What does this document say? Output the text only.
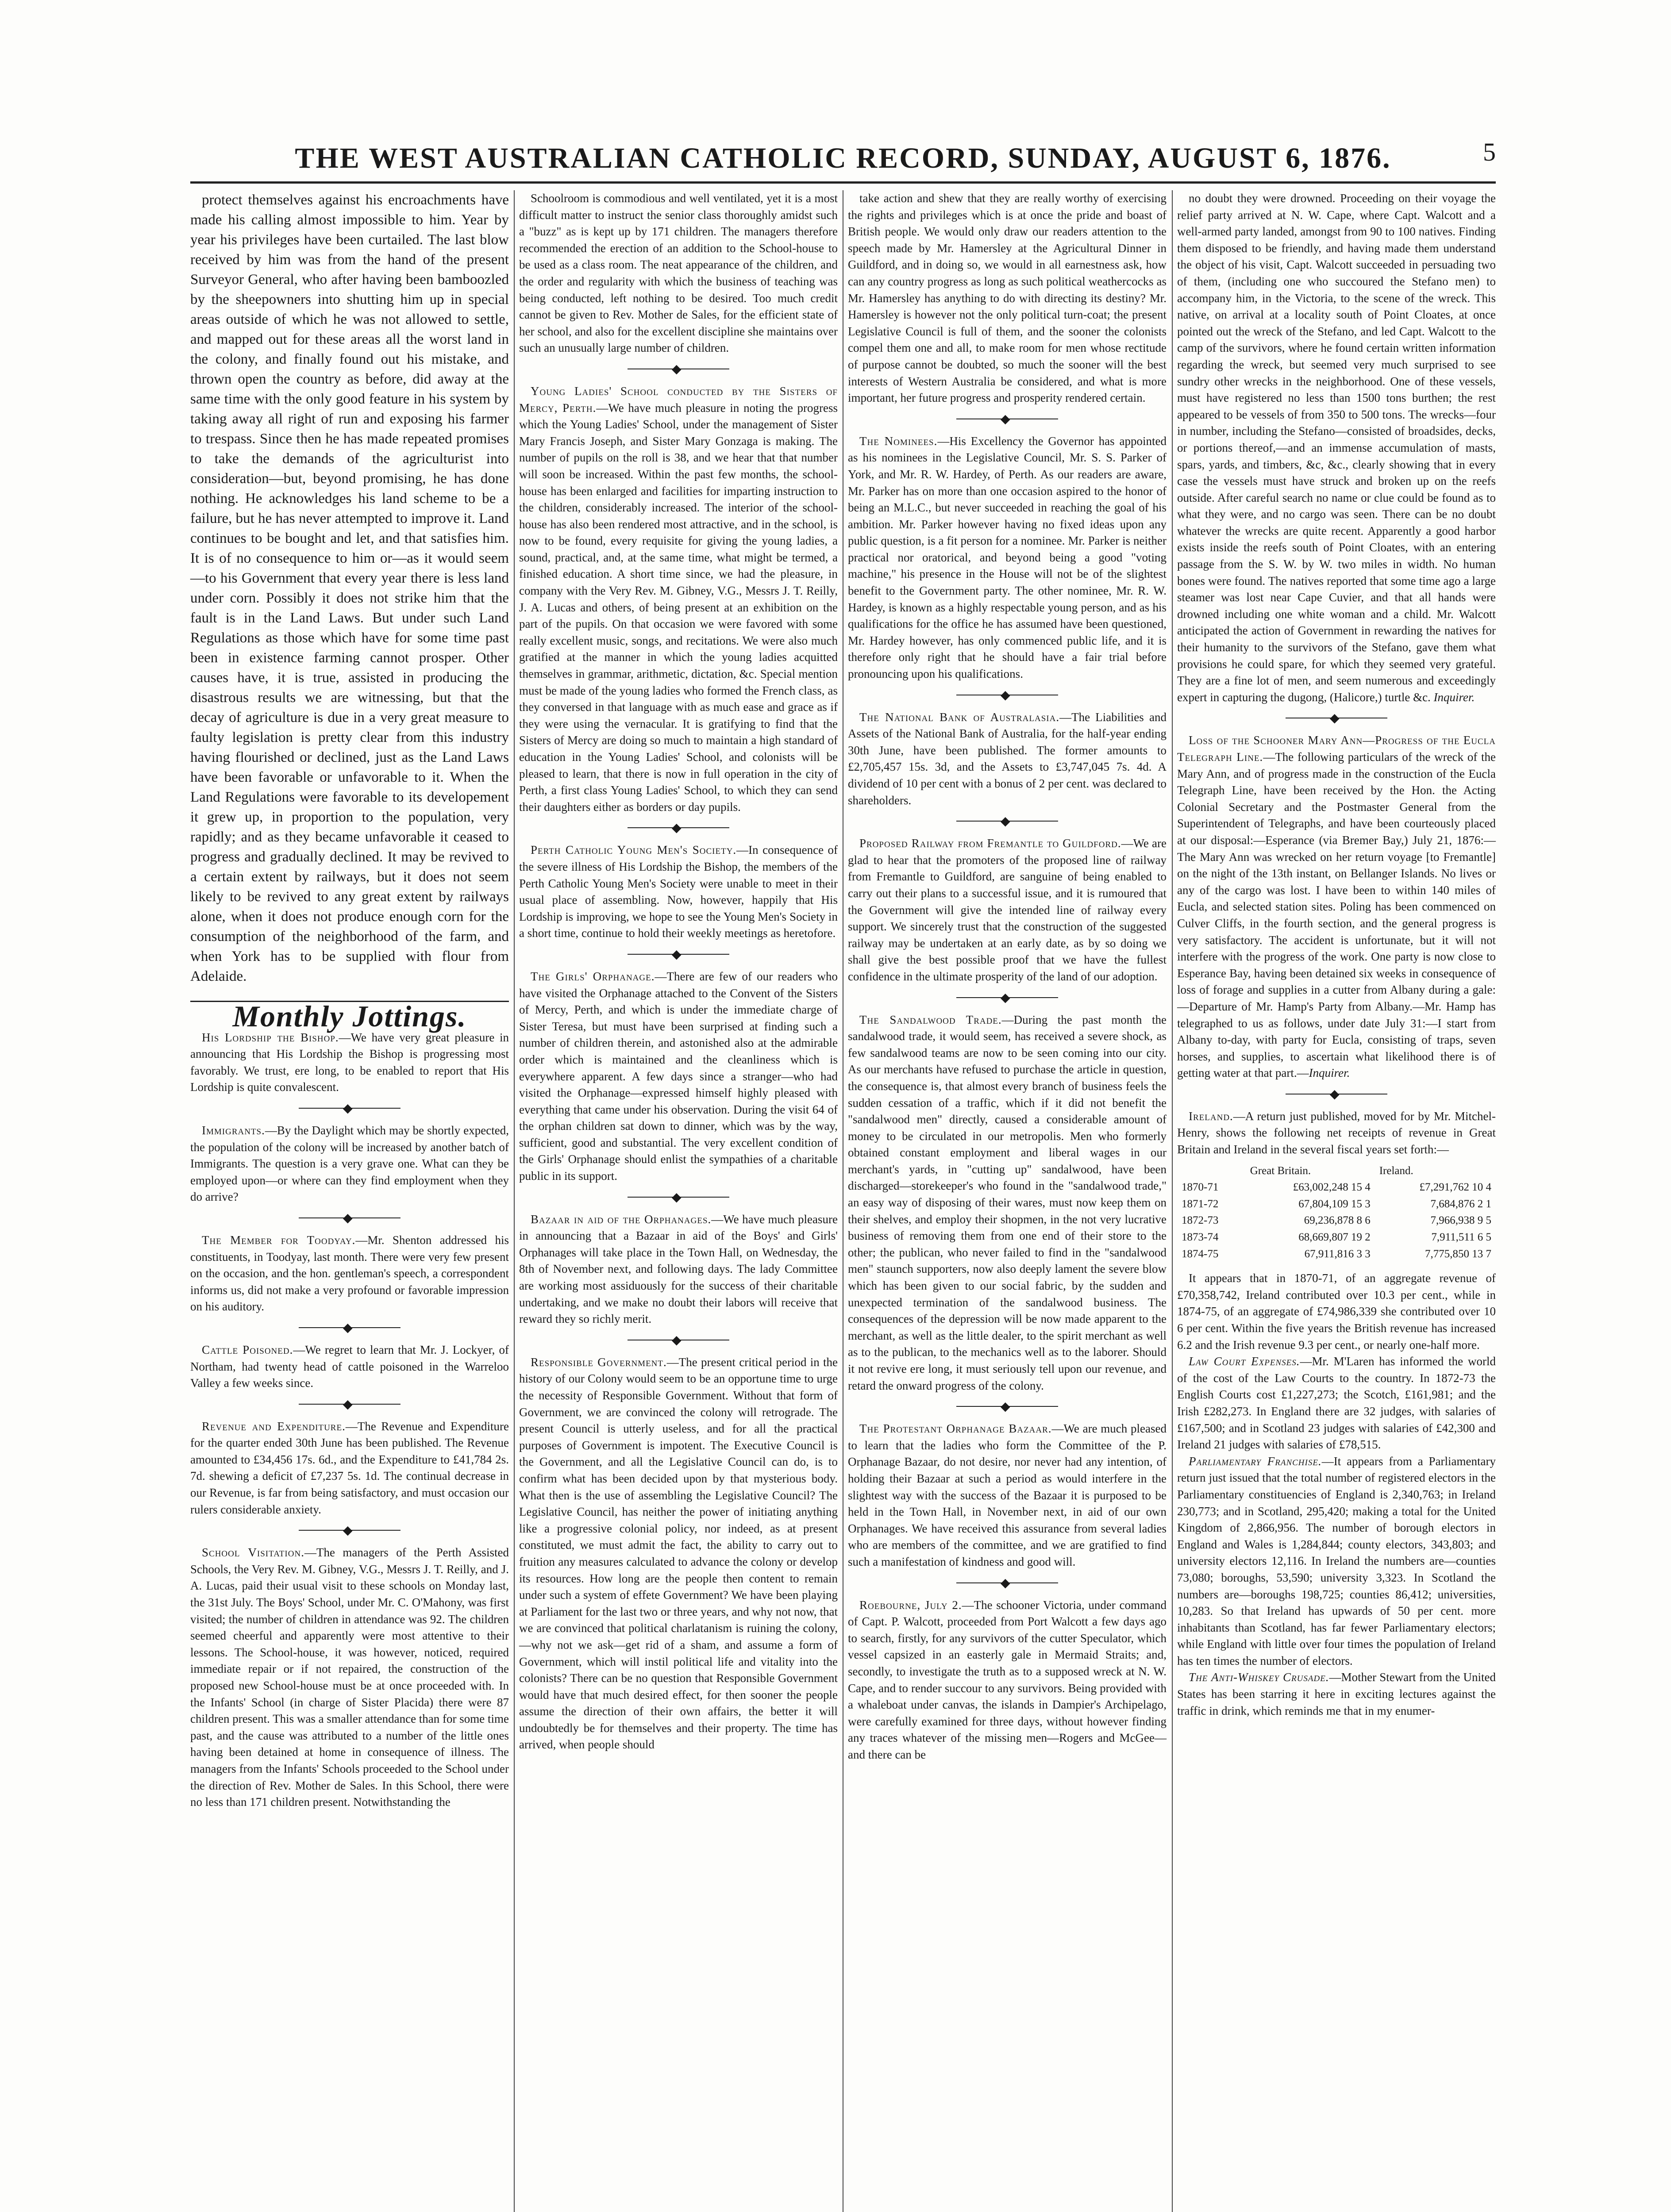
THE WEST AUSTRALIAN CATHOLIC RECORD, SUNDAY, AUGUST 6, 1876.	5

protect themselves against his encroachments have made his calling almost impossible to him. Year by year his privileges have been curtailed. The last blow received by him was from the hand of the present Surveyor General, who after having been bamboozled by the sheepowners into shutting him up in special areas outside of which he was not allowed to settle, and mapped out for these areas all the worst land in the colony, and finally found out his mistake, and thrown open the country as before, did away at the same time with the only good feature in his system by taking away all right of run and exposing his farmer to trespass. Since then he has made repeated promises to take the demands of the agriculturist into consideration—but, beyond promising, he has done nothing. He acknowledges his land scheme to be a failure, but he has never attempted to improve it. Land continues to be bought and let, and that satisfies him. It is of no consequence to him or—as it would seem—to his Government that every year there is less land under corn. Possibly it does not strike him that the fault is in the Land Laws. But under such Land Regulations as those which have for some time past been in existence farming cannot prosper. Other causes have, it is true, assisted in producing the disastrous results we are witnessing, but that the decay of agriculture is due in a very great measure to faulty legislation is pretty clear from this industry having flourished or declined, just as the Land Laws have been favorable or unfavorable to it. When the Land Regulations were favorable to its developement it grew up, in proportion to the population, very rapidly; and as they became unfavorable it ceased to progress and gradually declined. It may be revived to a certain extent by railways, but it does not seem likely to be revived to any great extent by railways alone, when it does not produce enough corn for the consumption of the neighborhood of the farm, and when York has to be supplied with flour from Adelaide.

Monthly Jottings.

His Lordship the Bishop.—We have very great pleasure in announcing that His Lordship the Bishop is progressing most favorably. We trust, ere long, to be enabled to report that His Lordship is quite convalescent.

◆

Immigrants.—By the Daylight which may be shortly expected, the population of the colony will be increased by another batch of Immigrants. The question is a very grave one. What can they be employed upon—or where can they find employment when they do arrive?

◆

The Member for Toodyay.—Mr. Shenton addressed his constituents, in Toodyay, last month. There were very few present on the occasion, and the hon. gentleman's speech, a correspondent informs us, did not make a very profound or favorable impression on his auditory.

◆

Cattle Poisoned.—We regret to learn that Mr. J. Lockyer, of Northam, had twenty head of cattle poisoned in the Warreloo Valley a few weeks since.

◆

Revenue and Expenditure.—The Revenue and Expenditure for the quarter ended 30th June has been published. The Revenue amounted to £34,456 17s. 6d., and the Expenditure to £41,784 2s. 7d. shewing a deficit of £7,237 5s. 1d. The continual decrease in our Revenue, is far from being satisfactory, and must occasion our rulers considerable anxiety.

◆

School Visitation.—The managers of the Perth Assisted Schools, the Very Rev. M. Gibney, V.G., Messrs J. T. Reilly, and J. A. Lucas, paid their usual visit to these schools on Monday last, the 31st July. The Boys' School, under Mr. C. O'Mahony, was first visited; the number of children in attendance was 92. The children seemed cheerful and apparently were most attentive to their lessons. The School-house, it was however, noticed, required immediate repair or if not repaired, the construction of the proposed new School-house must be at once proceeded with. In the Infants' School (in charge of Sister Placida) there were 87 children present. This was a smaller attendance than for some time past, and the cause was attributed to a number of the little ones having been detained at home in consequence of illness. The managers from the Infants' Schools proceeded to the School under the direction of Rev. Mother de Sales. In this School, there were no less than 171 children present. Notwithstanding the

Schoolroom is commodious and well ventilated, yet it is a most difficult matter to instruct the senior class thoroughly amidst such a "buzz" as is kept up by 171 children. The managers therefore recommended the erection of an addition to the School-house to be used as a class room. The neat appearance of the children, and the order and regularity with which the business of teaching was being conducted, left nothing to be desired. Too much credit cannot be given to Rev. Mother de Sales, for the efficient state of her school, and also for the excellent discipline she maintains over such an unusually large number of children.

◆

Young Ladies' School conducted by the Sisters of Mercy, Perth.—We have much pleasure in noting the progress which the Young Ladies' School, under the management of Sister Mary Francis Joseph, and Sister Mary Gonzaga is making. The number of pupils on the roll is 38, and we hear that that number will soon be increased. Within the past few months, the school-house has been enlarged and facilities for imparting instruction to the children, considerably increased. The interior of the school-house has also been rendered most attractive, and in the school, is now to be found, every requisite for giving the young ladies, a sound, practical, and, at the same time, what might be termed, a finished education. A short time since, we had the pleasure, in company with the Very Rev. M. Gibney, V.G., Messrs J. T. Reilly, J. A. Lucas and others, of being present at an exhibition on the part of the pupils. On that occasion we were favored with some really excellent music, songs, and recitations. We were also much gratified at the manner in which the young ladies acquitted themselves in grammar, arithmetic, dictation, &c. Special mention must be made of the young ladies who formed the French class, as they conversed in that language with as much ease and grace as if they were using the vernacular. It is gratifying to find that the Sisters of Mercy are doing so much to maintain a high standard of education in the Young Ladies' School, and colonists will be pleased to learn, that there is now in full operation in the city of Perth, a first class Young Ladies' School, to which they can send their daughters either as borders or day pupils.

◆

Perth Catholic Young Men's Society.—In consequence of the severe illness of His Lordship the Bishop, the members of the Perth Catholic Young Men's Society were unable to meet in their usual place of assembling. Now, however, happily that His Lordship is improving, we hope to see the Young Men's Society in a short time, continue to hold their weekly meetings as heretofore.

◆

The Girls' Orphanage.—There are few of our readers who have visited the Orphanage attached to the Convent of the Sisters of Mercy, Perth, and which is under the immediate charge of Sister Teresa, but must have been surprised at finding such a number of children therein, and astonished also at the admirable order which is maintained and the cleanliness which is everywhere apparent. A few days since a stranger—who had visited the Orphanage—expressed himself highly pleased with everything that came under his observation. During the visit 64 of the orphan children sat down to dinner, which was by the way, sufficient, good and substantial. The very excellent condition of the Girls' Orphanage should enlist the sympathies of a charitable public in its support.

◆

Bazaar in aid of the Orphanages.—We have much pleasure in announcing that a Bazaar in aid of the Boys' and Girls' Orphanages will take place in the Town Hall, on Wednesday, the 8th of November next, and following days. The lady Committee are working most assiduously for the success of their charitable undertaking, and we make no doubt their labors will receive that reward they so richly merit.

◆

Responsible Government.—The present critical period in the history of our Colony would seem to be an opportune time to urge the necessity of Responsible Government. Without that form of Government, we are convinced the colony will retrograde. The present Council is utterly useless, and for all the practical purposes of Government is impotent. The Executive Council is the Government, and all the Legislative Council can do, is to confirm what has been decided upon by that mysterious body. What then is the use of assembling the Legislative Council? The Legislative Council, has neither the power of initiating anything like a progressive colonial policy, nor indeed, as at present constituted, we must admit the fact, the ability to carry out to fruition any measures calculated to advance the colony or develop its resources. How long are the people then content to remain under such a system of effete Government? We have been playing at Parliament for the last two or three years, and why not now, that we are convinced that political charlatanism is ruining the colony,—why not we ask—get rid of a sham, and assume a form of Government, which will instil political life and vitality into the colonists? There can be no question that Responsible Government would have that much desired effect, for then sooner the people assume the direction of their own affairs, the better it will undoubtedly be for themselves and their property. The time has arrived, when people should

take action and shew that they are really worthy of exercising the rights and privileges which is at once the pride and boast of British people. We would only draw our readers attention to the speech made by Mr. Hamersley at the Agricultural Dinner in Guildford, and in doing so, we would in all earnestness ask, how can any country progress as long as such political weathercocks as Mr. Hamersley has anything to do with directing its destiny? Mr. Hamersley is however not the only political turn-coat; the present Legislative Council is full of them, and the sooner the colonists compel them one and all, to make room for men whose rectitude of purpose cannot be doubted, so much the sooner will the best interests of Western Australia be considered, and what is more important, her future progress and prosperity rendered certain.

◆

The Nominees.—His Excellency the Governor has appointed as his nominees in the Legislative Council, Mr. S. S. Parker of York, and Mr. R. W. Hardey, of Perth. As our readers are aware, Mr. Parker has on more than one occasion aspired to the honor of being an M.L.C., but never succeeded in reaching the goal of his ambition. Mr. Parker however having no fixed ideas upon any public question, is a fit person for a nominee. Mr. Parker is neither practical nor oratorical, and beyond being a good "voting machine," his presence in the House will not be of the slightest benefit to the Government party. The other nominee, Mr. R. W. Hardey, is known as a highly respectable young person, and as his qualifications for the office he has assumed have been questioned, Mr. Hardey however, has only commenced public life, and it is therefore only right that he should have a fair trial before pronouncing upon his qualifications.

◆

The National Bank of Australasia.—The Liabilities and Assets of the National Bank of Australia, for the half-year ending 30th June, have been published. The former amounts to £2,705,457 15s. 3d, and the Assets to £3,747,045 7s. 4d. A dividend of 10 per cent with a bonus of 2 per cent. was declared to shareholders.

◆

Proposed Railway from Fremantle to Guildford.—We are glad to hear that the promoters of the proposed line of railway from Fremantle to Guildford, are sanguine of being enabled to carry out their plans to a successful issue, and it is rumoured that the Government will give the intended line of railway every support. We sincerely trust that the construction of the suggested railway may be undertaken at an early date, as by so doing we shall give the best possible proof that we have the fullest confidence in the ultimate prosperity of the land of our adoption.

◆

The Sandalwood Trade.—During the past month the sandalwood trade, it would seem, has received a severe shock, as few sandalwood teams are now to be seen coming into our city. As our merchants have refused to purchase the article in question, the consequence is, that almost every branch of business feels the sudden cessation of a traffic, which if it did not benefit the "sandalwood men" directly, caused a considerable amount of money to be circulated in our metropolis. Men who formerly obtained constant employment and liberal wages in our merchant's yards, in "cutting up" sandalwood, have been discharged—storekeeper's who found in the "sandalwood trade," an easy way of disposing of their wares, must now keep them on their shelves, and employ their shopmen, in the not very lucrative business of removing them from one end of their store to the other; the publican, who never failed to find in the "sandalwood men" staunch supporters, now also deeply lament the severe blow which has been given to our social fabric, by the sudden and unexpected termination of the sandalwood business. The consequences of the depression will be now made apparent to the merchant, as well as the little dealer, to the spirit merchant as well as to the publican, to the mechanics well as to the laborer. Should it not revive ere long, it must seriously tell upon our revenue, and retard the onward progress of the colony.

◆

The Protestant Orphanage Bazaar.—We are much pleased to learn that the ladies who form the Committee of the P. Orphanage Bazaar, do not desire, nor never had any intention, of holding their Bazaar at such a period as would interfere in the slightest way with the success of the Bazaar it is purposed to be held in the Town Hall, in November next, in aid of our own Orphanages. We have received this assurance from several ladies who are members of the committee, and we are gratified to find such a manifestation of kindness and good will.

◆

Roebourne, July 2.—The schooner Victoria, under command of Capt. P. Walcott, proceeded from Port Walcott a few days ago to search, firstly, for any survivors of the cutter Speculator, which vessel capsized in an easterly gale in Mermaid Straits; and, secondly, to investigate the truth as to a supposed wreck at N. W. Cape, and to render succour to any survivors. Being provided with a whaleboat under canvas, the islands in Dampier's Archipelago, were carefully examined for three days, without however finding any traces whatever of the missing men—Rogers and McGee—and there can be

no doubt they were drowned. Proceeding on their voyage the relief party arrived at N. W. Cape, where Capt. Walcott and a well-armed party landed, amongst from 90 to 100 natives. Finding them disposed to be friendly, and having made them understand the object of his visit, Capt. Walcott succeeded in persuading two of them, (including one who succoured the Stefano men) to accompany him, in the Victoria, to the scene of the wreck. This native, on arrival at a locality south of Point Cloates, at once pointed out the wreck of the Stefano, and led Capt. Walcott to the camp of the survivors, where he found certain written information regarding the wreck, but seemed very much surprised to see sundry other wrecks in the neighborhood. One of these vessels, must have registered no less than 1500 tons burthen; the rest appeared to be vessels of from 350 to 500 tons. The wrecks—four in number, including the Stefano—consisted of broadsides, decks, or portions thereof,—and an immense accumulation of masts, spars, yards, and timbers, &c, &c., clearly showing that in every case the vessels must have struck and broken up on the reefs outside. After careful search no name or clue could be found as to what they were, and no cargo was seen. There can be no doubt whatever the wrecks are quite recent. Apparently a good harbor exists inside the reefs south of Point Cloates, with an entering passage from the S. W. by W. two miles in width. No human bones were found. The natives reported that some time ago a large steamer was lost near Cape Cuvier, and that all hands were drowned including one white woman and a child. Mr. Walcott anticipated the action of Government in rewarding the natives for their humanity to the survivors of the Stefano, gave them what provisions he could spare, for which they seemed very grateful. They are a fine lot of men, and seem numerous and exceedingly expert in capturing the dugong, (Halicore,) turtle &c. Inquirer.

◆

Loss of the Schooner Mary Ann—Progress of the Eucla Telegraph Line.—The following particulars of the wreck of the Mary Ann, and of progress made in the construction of the Eucla Telegraph Line, have been received by the Hon. the Acting Colonial Secretary and the Postmaster General from the Superintendent of Telegraphs, and have been courteously placed at our disposal:—Esperance (via Bremer Bay,) July 21, 1876:—The Mary Ann was wrecked on her return voyage [to Fremantle] on the night of the 13th instant, on Bellanger Islands. No lives or any of the cargo was lost. I have been to within 140 miles of Eucla, and selected station sites. Poling has been commenced on Culver Cliffs, in the fourth section, and the general progress is very satisfactory. The accident is unfortunate, but it will not interfere with the progress of the work. One party is now close to Esperance Bay, having been detained six weeks in consequence of loss of forage and supplies in a cutter from Albany during a gale:—Departure of Mr. Hamp's Party from Albany.—Mr. Hamp has telegraphed to us as follows, under date July 31:—I start from Albany to-day, with party for Eucla, consisting of traps, seven horses, and supplies, to ascertain what likelihood there is of getting water at that part.—Inquirer.

◆

Ireland.—A return just published, moved for by Mr. Mitchel-Henry, shows the following net receipts of revenue in Great Britain and Ireland in the several fiscal years set forth:—

	Great Britain.	Ireland.
1870-71	£63,002,248 15 4	£7,291,762 10 4
1871-72	67,804,109 15 3	7,684,876 2 1
1872-73	69,236,878 8 6	7,966,938 9 5
1873-74	68,669,807 19 2	7,911,511 6 5
1874-75	67,911,816 3 3	7,775,850 13 7

It appears that in 1870-71, of an aggregate revenue of £70,358,742, Ireland contributed over 10.3 per cent., while in 1874-75, of an aggregate of £74,986,339 she contributed over 10 6 per cent. Within the five years the British revenue has increased 6.2 and the Irish revenue 9.3 per cent., or nearly one-half more.

Law Court Expenses.—Mr. M'Laren has informed the world of the cost of the Law Courts to the country. In 1872-73 the English Courts cost £1,227,273; the Scotch, £161,981; and the Irish £282,273. In England there are 32 judges, with salaries of £167,500; and in Scotland 23 judges with salaries of £42,300 and Ireland 21 judges with salaries of £78,515.

Parliamentary Franchise.—It appears from a Parliamentary return just issued that the total number of registered electors in the Parliamentary constituencies of England is 2,340,763; in Ireland 230,773; and in Scotland, 295,420; making a total for the United Kingdom of 2,866,956. The number of borough electors in England and Wales is 1,284,844; county electors, 343,803; and university electors 12,116. In Ireland the numbers are—counties 73,080; boroughs, 53,590; university 3,323. In Scotland the numbers are—boroughs 198,725; counties 86,412; universities, 10,283. So that Ireland has upwards of 50 per cent. more inhabitants than Scotland, has far fewer Parliamentary electors; while England with little over four times the population of Ireland has ten times the number of electors.

The Anti-Whiskey Crusade.—Mother Stewart from the United States has been starring it here in exciting lectures against the traffic in drink, which reminds me that in my enumer-
